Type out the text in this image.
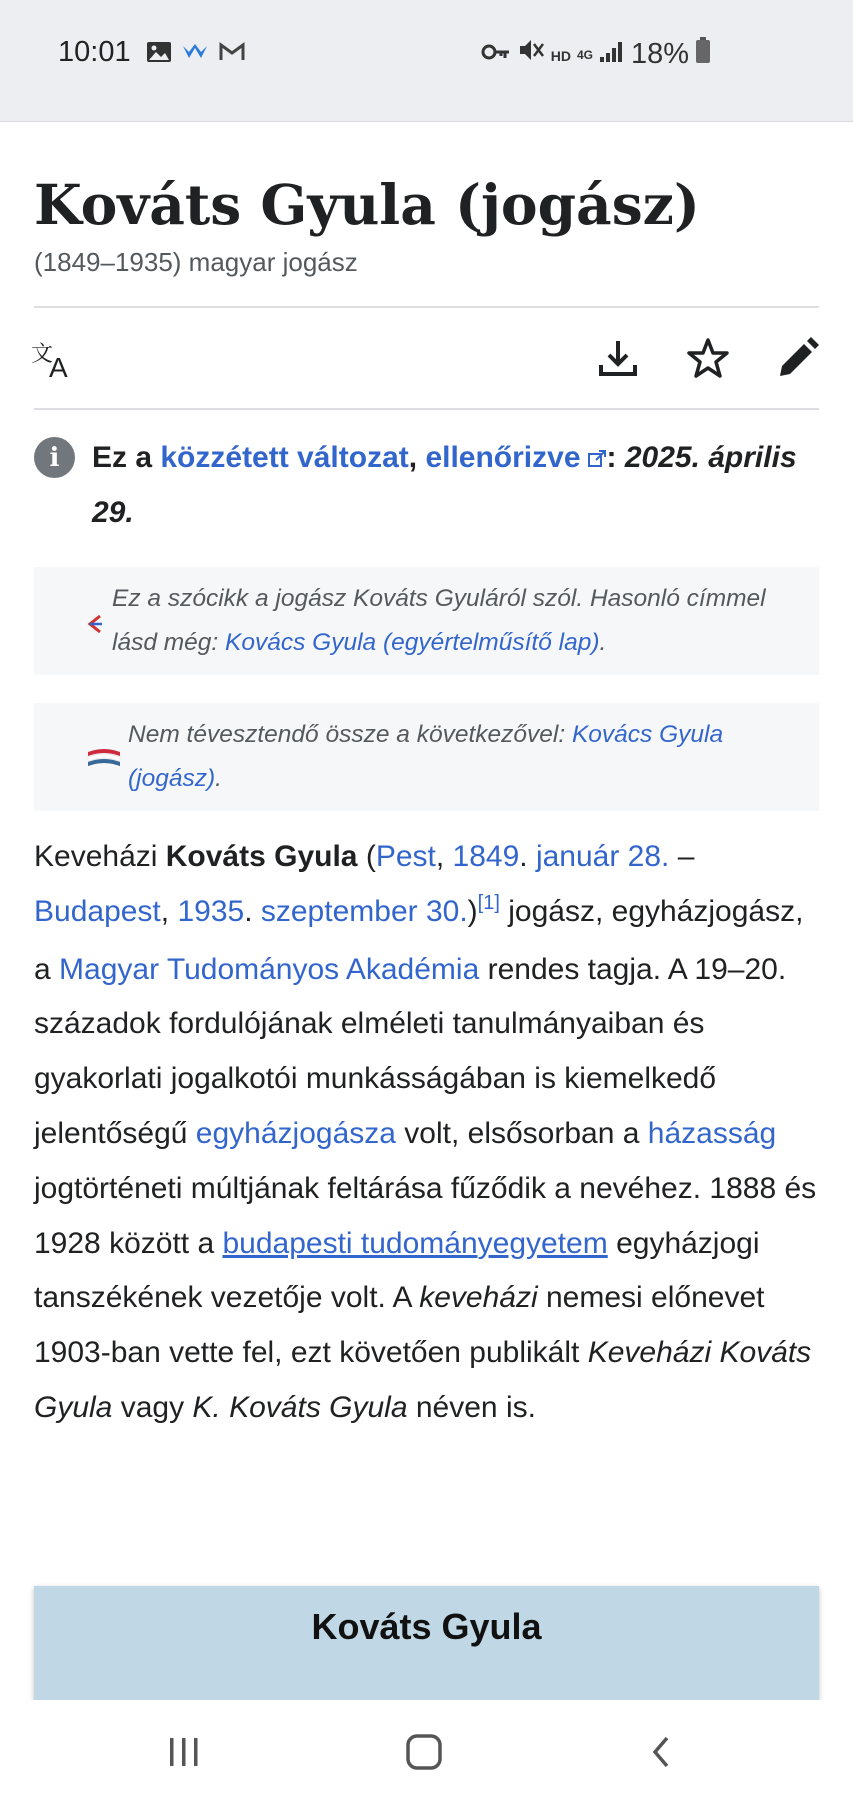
10:01	HD 4G 18%
Kováts Gyula (jogász)
(1849–1935) magyar jogász
文
A
i	Ez a közzétett változat, ellenőrizve : 2025. április 29.
Ez a szócikk a jogász Kováts Gyuláról szól. Hasonló címmel lásd még: Kovács Gyula (egyértelműsítő lap).
Nem tévesztendő össze a következővel: Kovács Gyula (jogász).
Keveházi Kováts Gyula (Pest, 1849. január 28. – Budapest, 1935. szeptember 30.)[1] jogász, egyházjogász, a Magyar Tudományos Akadémia rendes tagja. A 19–20. századok fordulójának elméleti tanulmányaiban és gyakorlati jogalkotói munkásságában is kiemelkedő jelentőségű egyházjogásza volt, elsősorban a házasság jogtörténeti múltjának feltárása fűződik a nevéhez. 1888 és 1928 között a budapesti tudományegyetem egyházjogi tanszékének vezetője volt. A keveházi nemesi előnevet 1903-ban vette fel, ezt követően publikált Keveházi Kováts Gyula vagy K. Kováts Gyula néven is.
Kováts Gyula
